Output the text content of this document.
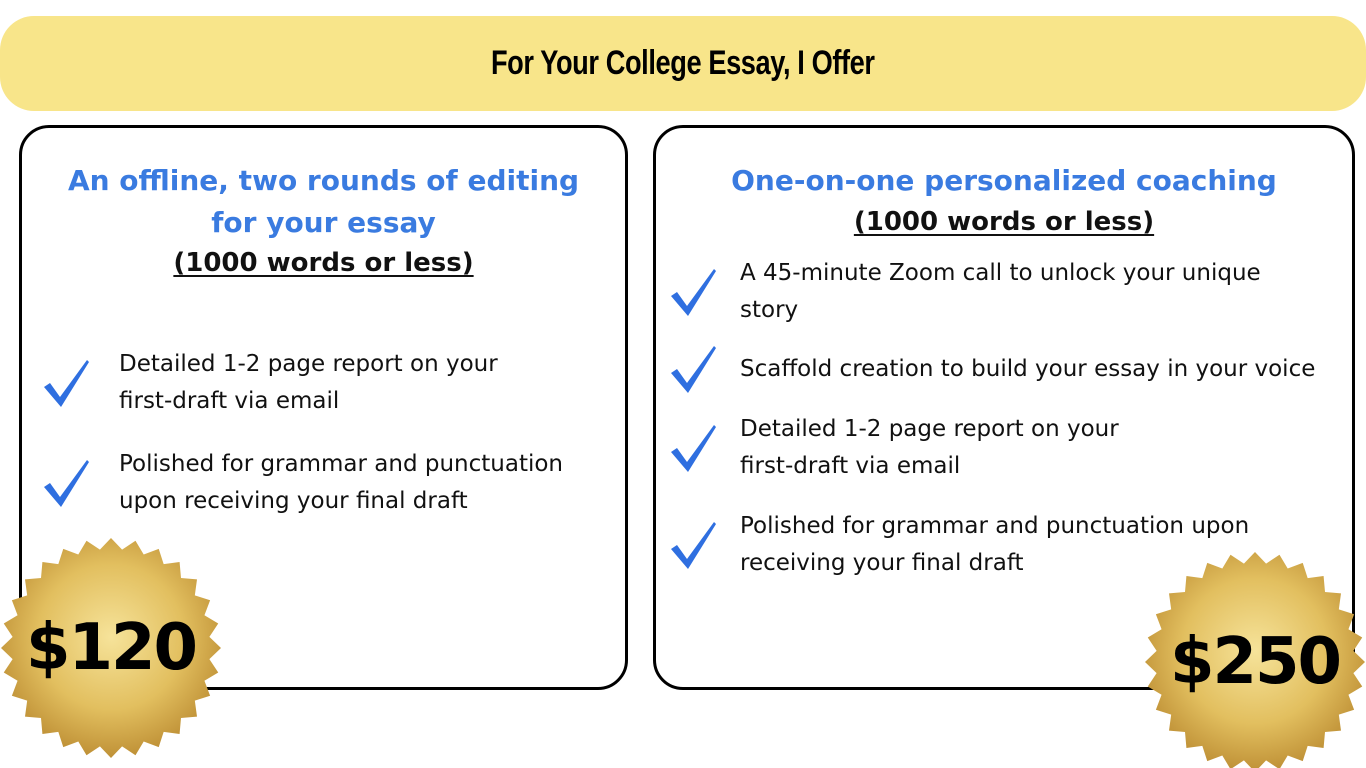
For Your College Essay, I Offer
An offline, two rounds of editing for your essay
(1000 words or less)
Detailed 1-2 page report on your first-draft via email
Polished for grammar and punctuation upon receiving your final draft
One-on-one personalized coaching
(1000 words or less)
A 45-minute Zoom call to unlock your unique story
Scaffold creation to build your essay in your voice
Detailed 1-2 page report on your first-draft via email
Polished for grammar and punctuation upon receiving your final draft
$120	$250
